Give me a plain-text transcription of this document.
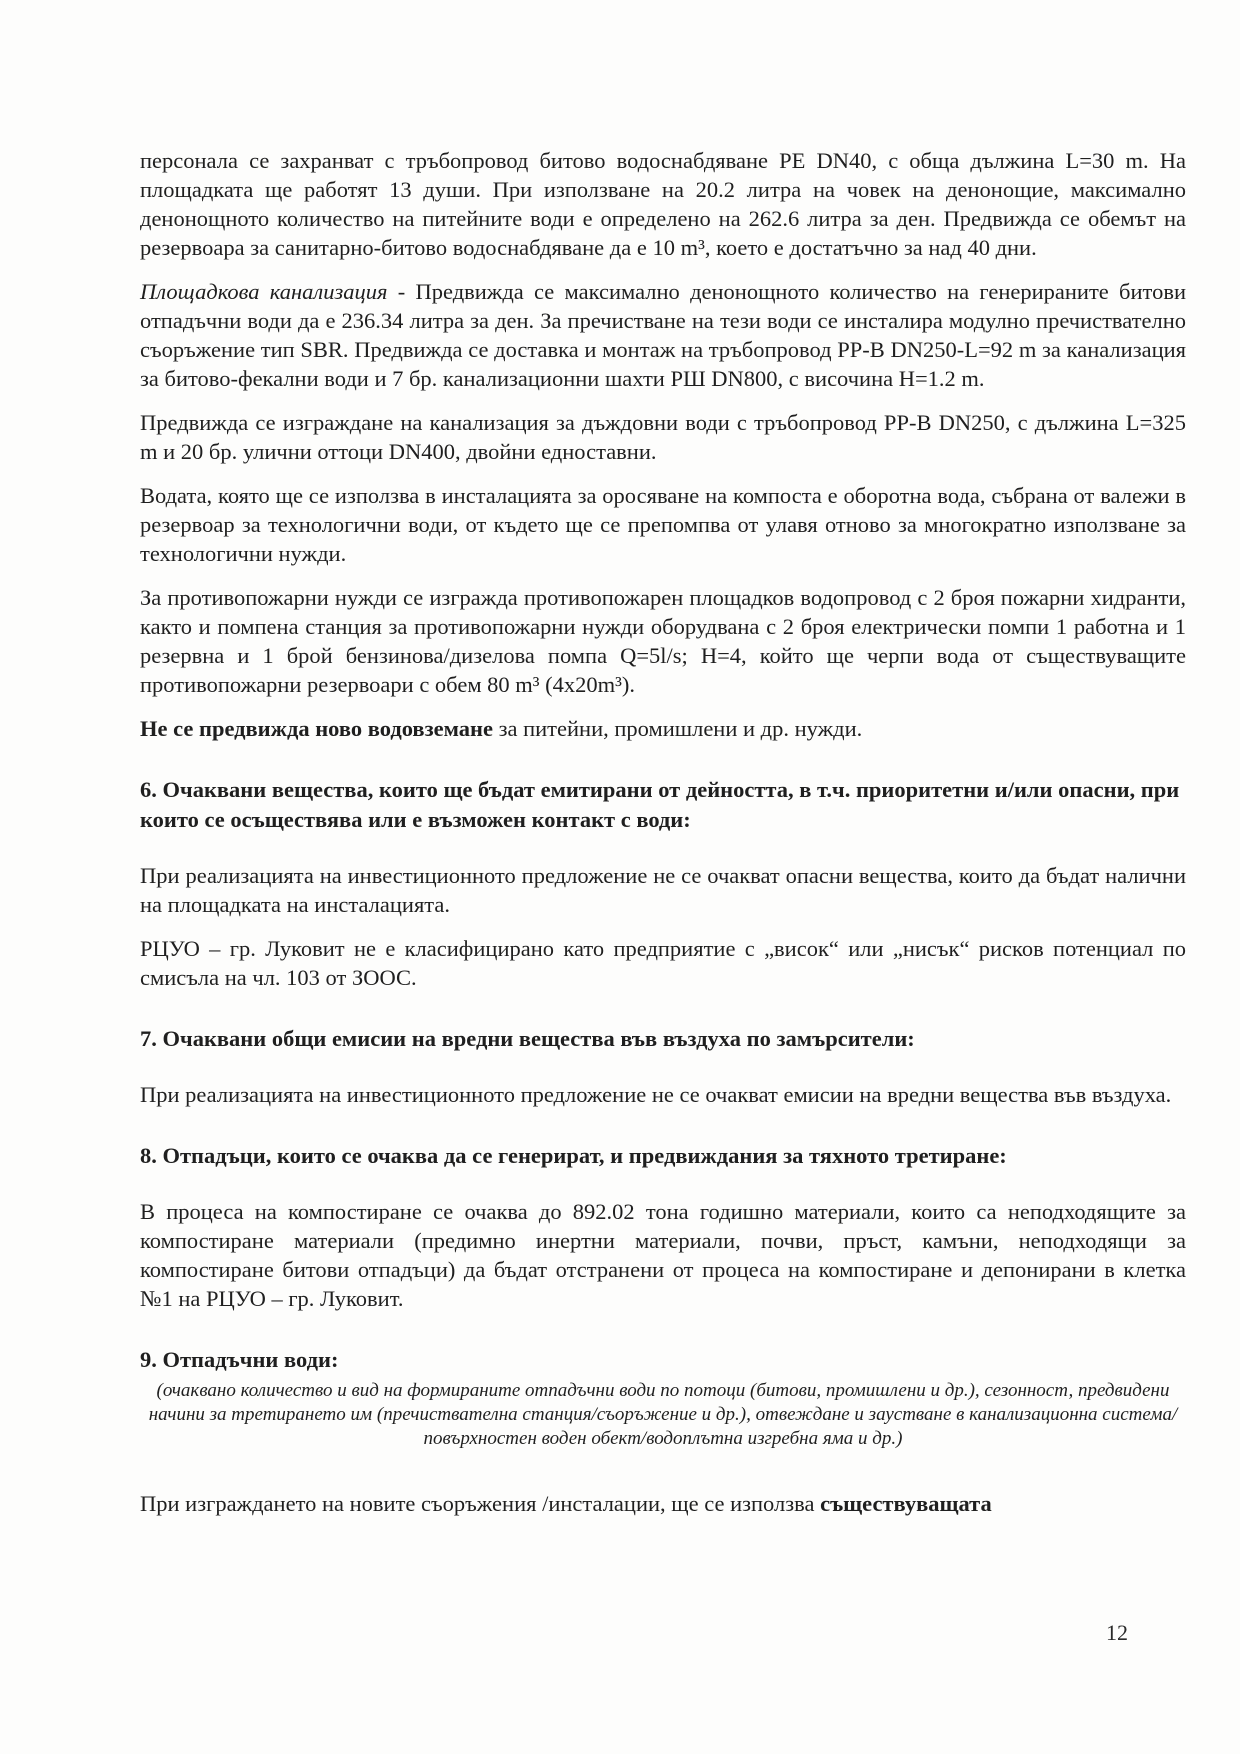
персонала се захранват с тръбопровод битово водоснабдяване PE DN40, с обща дължина L=30 m. На площадката ще работят 13 души. При използване на 20.2 литра на човек на денонощие, максимално денонощното количество на питейните води е определено на 262.6 литра за ден. Предвижда се обемът на резервоара за санитарно-битово водоснабдяване да е 10 m³, което е достатъчно за над 40 дни.

Площадкова канализация - Предвижда се максимално денонощното количество на генерираните битови отпадъчни води да е 236.34 литра за ден. За пречистване на тези води се инсталира модулно пречиствателно съоръжение тип SBR. Предвижда се доставка и монтаж на тръбопровод PP-B DN250-L=92 m за канализация за битово-фекални води и 7 бр. канализационни шахти РШ DN800, с височина H=1.2 m.

Предвижда се изграждане на канализация за дъждовни води с тръбопровод PP-B DN250, с дължина L=325 m и 20 бр. улични оттоци DN400, двойни едноставни.

Водата, която ще се използва в инсталацията за оросяване на компоста е оборотна вода, събрана от валежи в резервоар за технологични води, от където ще се препомпва от улавя отново за многократно използване за технологични нужди.

За противопожарни нужди се изгражда противопожарен площадков водопровод с 2 броя пожарни хидранти, както и помпена станция за противопожарни нужди оборудвана с 2 броя електрически помпи 1 работна и 1 резервна и 1 брой бензинова/дизелова помпа Q=5l/s; H=4, който ще черпи вода от съществуващите противопожарни резервоари с обем 80 m³ (4x20m³).

Не се предвижда ново водовземане за питейни, промишлени и др. нужди.

6. Очаквани вещества, които ще бъдат емитирани от дейността, в т.ч. приоритетни и/или опасни, при които се осъществява или е възможен контакт с води:

При реализацията на инвестиционното предложение не се очакват опасни вещества, които да бъдат налични на площадката на инсталацията.

РЦУО – гр. Луковит не е класифицирано като предприятие с „висок“ или „нисък“ рисков потенциал по смисъла на чл. 103 от ЗООС.

7. Очаквани общи емисии на вредни вещества във въздуха по замърсители:

При реализацията на инвестиционното предложение не се очакват емисии на вредни вещества във въздуха.

8. Отпадъци, които се очаква да се генерират, и предвиждания за тяхното третиране:

В процеса на компостиране се очаква до 892.02 тона годишно материали, които са неподходящите за компостиране материали (предимно инертни материали, почви, пръст, камъни, неподходящи за компостиране битови отпадъци) да бъдат отстранени от процеса на компостиране и депонирани в клетка №1 на РЦУО – гр. Луковит.

9. Отпадъчни води:

(очаквано количество и вид на формираните отпадъчни води по потоци (битови, промишлени и др.), сезонност, предвидени начини за третирането им (пречиствателна станция/съоръжение и др.), отвеждане и заустване в канализационна система/повърхностен воден обект/водоплътна изгребна яма и др.)

При изграждането на новите съоръжения /инсталации, ще се използва съществуващата

12
